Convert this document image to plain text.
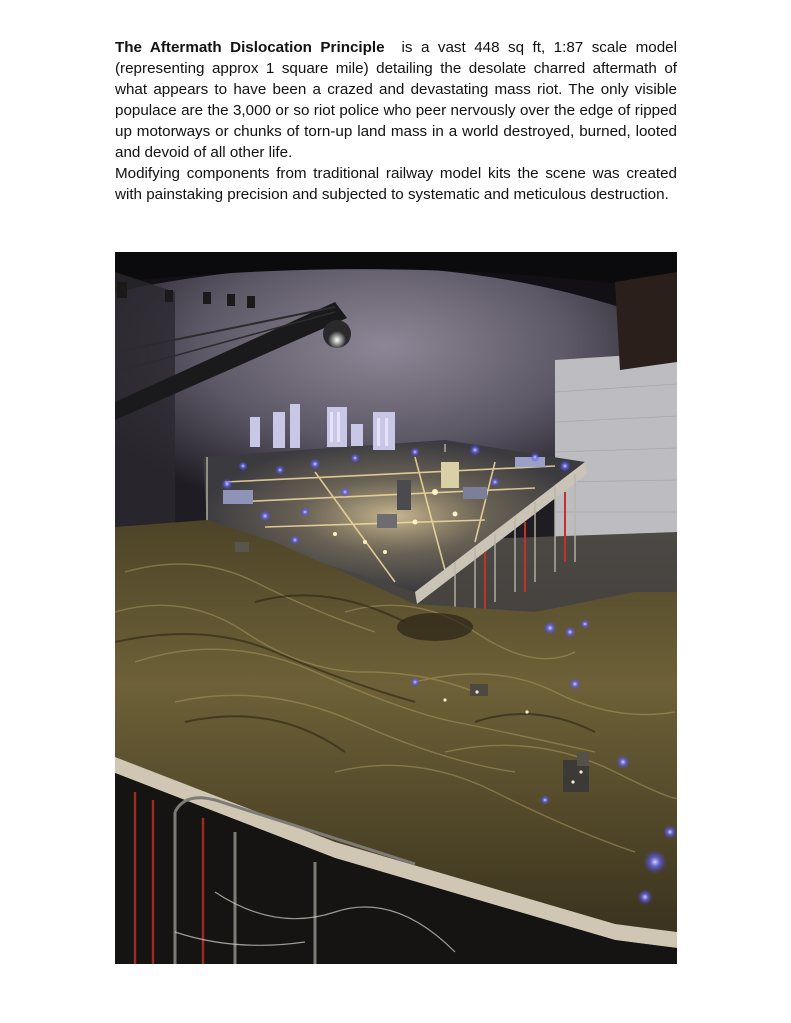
The Aftermath Dislocation Principle is a vast 448 sq ft, 1:87 scale model (representing approx 1 square mile) detailing the desolate charred aftermath of what appears to have been a crazed and devastating mass riot. The only visible populace are the 3,000 or so riot police who peer nervously over the edge of ripped up motorways or chunks of torn-up land mass in a world destroyed, burned, looted and devoid of all other life.

Modifying components from traditional railway model kits the scene was created with painstaking precision and subjected to systematic and meticulous destruction.
